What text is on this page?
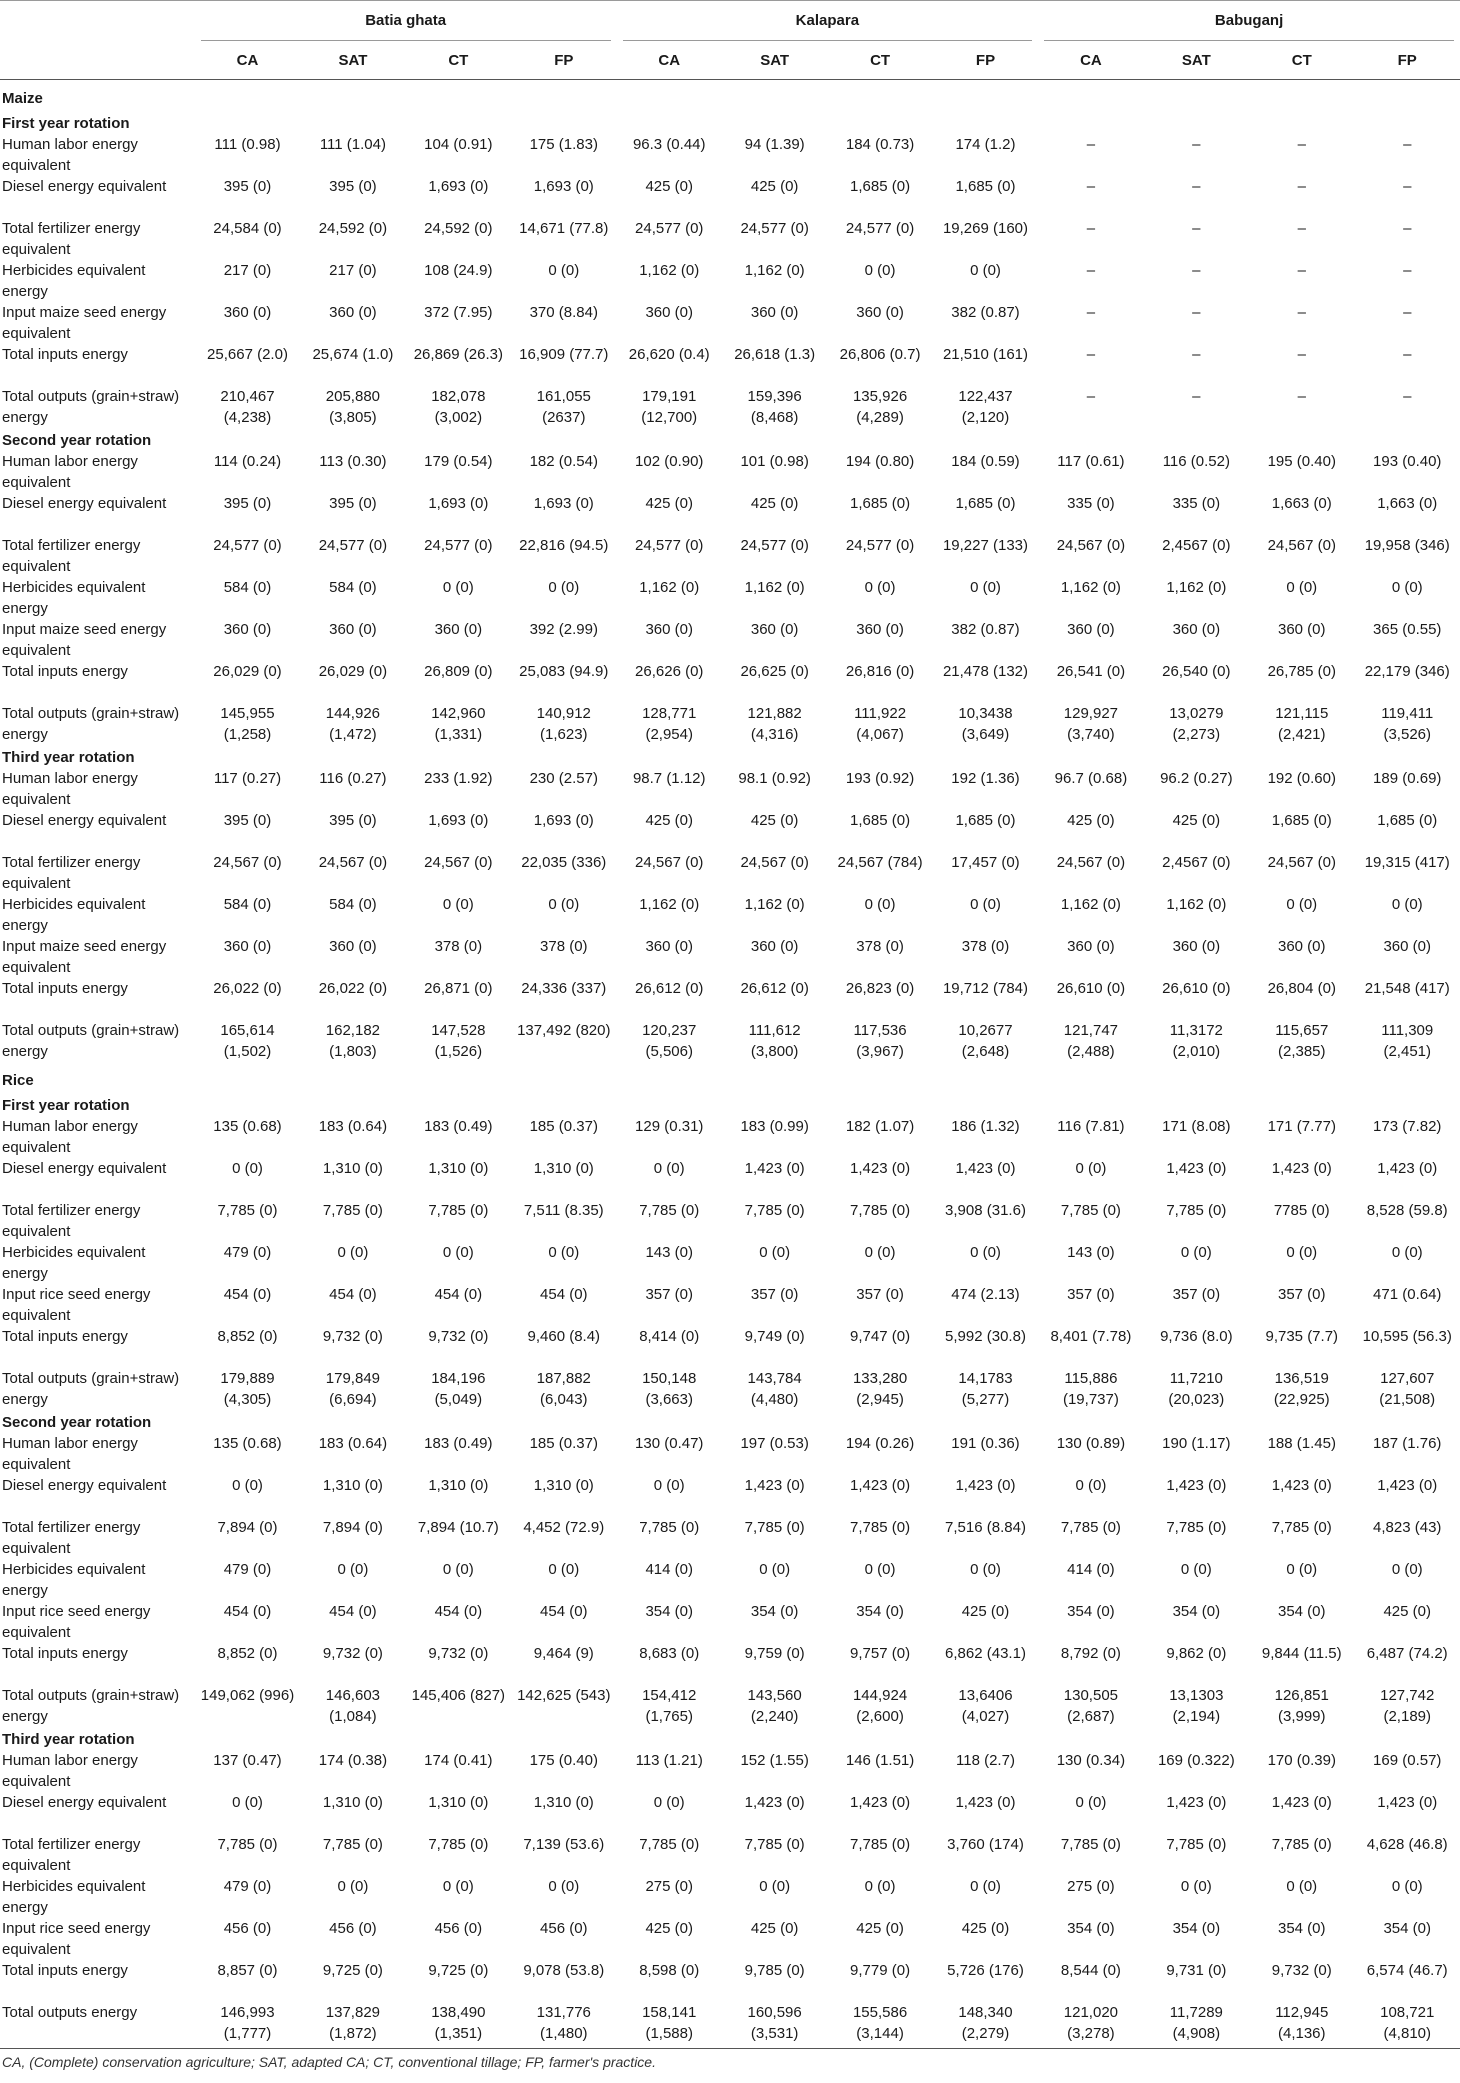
	Batia ghata				Kalapara				Babuganj			

	CA	SAT	CT	FP	CA	SAT	CT	FP	CA	SAT	CT	FP
Maize												
First year rotation												
Human labor energy equivalent	111 (0.98)	111 (1.04)	104 (0.91)	175 (1.83)	96.3 (0.44)	94 (1.39)	184 (0.73)	174 (1.2)	–	–	–	–
Diesel energy equivalent	395 (0)	395 (0)	1,693 (0)	1,693 (0)	425 (0)	425 (0)	1,685 (0)	1,685 (0)	–	–	–	–
Total fertilizer energy equivalent	24,584 (0)	24,592 (0)	24,592 (0)	14,671 (77.8)	24,577 (0)	24,577 (0)	24,577 (0)	19,269 (160)	–	–	–	–
Herbicides equivalent energy	217 (0)	217 (0)	108 (24.9)	0 (0)	1,162 (0)	1,162 (0)	0 (0)	0 (0)	–	–	–	–
Input maize seed energy equivalent	360 (0)	360 (0)	372 (7.95)	370 (8.84)	360 (0)	360 (0)	360 (0)	382 (0.87)	–	–	–	–
Total inputs energy	25,667 (2.0)	25,674 (1.0)	26,869 (26.3)	16,909 (77.7)	26,620 (0.4)	26,618 (1.3)	26,806 (0.7)	21,510 (161)	–	–	–	–
Total outputs (grain+straw) energy	210,467 (4,238)	205,880 (3,805)	182,078 (3,002)	161,055 (2637)	179,191 (12,700)	159,396 (8,468)	135,926 (4,289)	122,437 (2,120)	–	–	–	–
Second year rotation												
Human labor energy equivalent	114 (0.24)	113 (0.30)	179 (0.54)	182 (0.54)	102 (0.90)	101 (0.98)	194 (0.80)	184 (0.59)	117 (0.61)	116 (0.52)	195 (0.40)	193 (0.40)
Diesel energy equivalent	395 (0)	395 (0)	1,693 (0)	1,693 (0)	425 (0)	425 (0)	1,685 (0)	1,685 (0)	335 (0)	335 (0)	1,663 (0)	1,663 (0)
Total fertilizer energy equivalent	24,577 (0)	24,577 (0)	24,577 (0)	22,816 (94.5)	24,577 (0)	24,577 (0)	24,577 (0)	19,227 (133)	24,567 (0)	2,4567 (0)	24,567 (0)	19,958 (346)
Herbicides equivalent energy	584 (0)	584 (0)	0 (0)	0 (0)	1,162 (0)	1,162 (0)	0 (0)	0 (0)	1,162 (0)	1,162 (0)	0 (0)	0 (0)
Input maize seed energy equivalent	360 (0)	360 (0)	360 (0)	392 (2.99)	360 (0)	360 (0)	360 (0)	382 (0.87)	360 (0)	360 (0)	360 (0)	365 (0.55)
Total inputs energy	26,029 (0)	26,029 (0)	26,809 (0)	25,083 (94.9)	26,626 (0)	26,625 (0)	26,816 (0)	21,478 (132)	26,541 (0)	26,540 (0)	26,785 (0)	22,179 (346)
Total outputs (grain+straw) energy	145,955 (1,258)	144,926 (1,472)	142,960 (1,331)	140,912 (1,623)	128,771 (2,954)	121,882 (4,316)	111,922 (4,067)	10,3438 (3,649)	129,927 (3,740)	13,0279 (2,273)	121,115 (2,421)	119,411 (3,526)
Third year rotation												
Human labor energy equivalent	117 (0.27)	116 (0.27)	233 (1.92)	230 (2.57)	98.7 (1.12)	98.1 (0.92)	193 (0.92)	192 (1.36)	96.7 (0.68)	96.2 (0.27)	192 (0.60)	189 (0.69)
Diesel energy equivalent	395 (0)	395 (0)	1,693 (0)	1,693 (0)	425 (0)	425 (0)	1,685 (0)	1,685 (0)	425 (0)	425 (0)	1,685 (0)	1,685 (0)
Total fertilizer energy equivalent	24,567 (0)	24,567 (0)	24,567 (0)	22,035 (336)	24,567 (0)	24,567 (0)	24,567 (784)	17,457 (0)	24,567 (0)	2,4567 (0)	24,567 (0)	19,315 (417)
Herbicides equivalent energy	584 (0)	584 (0)	0 (0)	0 (0)	1,162 (0)	1,162 (0)	0 (0)	0 (0)	1,162 (0)	1,162 (0)	0 (0)	0 (0)
Input maize seed energy equivalent	360 (0)	360 (0)	378 (0)	378 (0)	360 (0)	360 (0)	378 (0)	378 (0)	360 (0)	360 (0)	360 (0)	360 (0)
Total inputs energy	26,022 (0)	26,022 (0)	26,871 (0)	24,336 (337)	26,612 (0)	26,612 (0)	26,823 (0)	19,712 (784)	26,610 (0)	26,610 (0)	26,804 (0)	21,548 (417)
Total outputs (grain+straw) energy	165,614 (1,502)	162,182 (1,803)	147,528 (1,526)	137,492 (820)	120,237 (5,506)	111,612 (3,800)	117,536 (3,967)	10,2677 (2,648)	121,747 (2,488)	11,3172 (2,010)	115,657 (2,385)	111,309 (2,451)
Rice												
First year rotation												
Human labor energy equivalent	135 (0.68)	183 (0.64)	183 (0.49)	185 (0.37)	129 (0.31)	183 (0.99)	182 (1.07)	186 (1.32)	116 (7.81)	171 (8.08)	171 (7.77)	173 (7.82)
Diesel energy equivalent	0 (0)	1,310 (0)	1,310 (0)	1,310 (0)	0 (0)	1,423 (0)	1,423 (0)	1,423 (0)	0 (0)	1,423 (0)	1,423 (0)	1,423 (0)
Total fertilizer energy equivalent	7,785 (0)	7,785 (0)	7,785 (0)	7,511 (8.35)	7,785 (0)	7,785 (0)	7,785 (0)	3,908 (31.6)	7,785 (0)	7,785 (0)	7785 (0)	8,528 (59.8)
Herbicides equivalent energy	479 (0)	0 (0)	0 (0)	0 (0)	143 (0)	0 (0)	0 (0)	0 (0)	143 (0)	0 (0)	0 (0)	0 (0)
Input rice seed energy equivalent	454 (0)	454 (0)	454 (0)	454 (0)	357 (0)	357 (0)	357 (0)	474 (2.13)	357 (0)	357 (0)	357 (0)	471 (0.64)
Total inputs energy	8,852 (0)	9,732 (0)	9,732 (0)	9,460 (8.4)	8,414 (0)	9,749 (0)	9,747 (0)	5,992 (30.8)	8,401 (7.78)	9,736 (8.0)	9,735 (7.7)	10,595 (56.3)
Total outputs (grain+straw) energy	179,889 (4,305)	179,849 (6,694)	184,196 (5,049)	187,882 (6,043)	150,148 (3,663)	143,784 (4,480)	133,280 (2,945)	14,1783 (5,277)	115,886 (19,737)	11,7210 (20,023)	136,519 (22,925)	127,607 (21,508)
Second year rotation												
Human labor energy equivalent	135 (0.68)	183 (0.64)	183 (0.49)	185 (0.37)	130 (0.47)	197 (0.53)	194 (0.26)	191 (0.36)	130 (0.89)	190 (1.17)	188 (1.45)	187 (1.76)
Diesel energy equivalent	0 (0)	1,310 (0)	1,310 (0)	1,310 (0)	0 (0)	1,423 (0)	1,423 (0)	1,423 (0)	0 (0)	1,423 (0)	1,423 (0)	1,423 (0)
Total fertilizer energy equivalent	7,894 (0)	7,894 (0)	7,894 (10.7)	4,452 (72.9)	7,785 (0)	7,785 (0)	7,785 (0)	7,516 (8.84)	7,785 (0)	7,785 (0)	7,785 (0)	4,823 (43)
Herbicides equivalent energy	479 (0)	0 (0)	0 (0)	0 (0)	414 (0)	0 (0)	0 (0)	0 (0)	414 (0)	0 (0)	0 (0)	0 (0)
Input rice seed energy equivalent	454 (0)	454 (0)	454 (0)	454 (0)	354 (0)	354 (0)	354 (0)	425 (0)	354 (0)	354 (0)	354 (0)	425 (0)
Total inputs energy	8,852 (0)	9,732 (0)	9,732 (0)	9,464 (9)	8,683 (0)	9,759 (0)	9,757 (0)	6,862 (43.1)	8,792 (0)	9,862 (0)	9,844 (11.5)	6,487 (74.2)
Total outputs (grain+straw) energy	149,062 (996)	146,603 (1,084)	145,406 (827)	142,625 (543)	154,412 (1,765)	143,560 (2,240)	144,924 (2,600)	13,6406 (4,027)	130,505 (2,687)	13,1303 (2,194)	126,851 (3,999)	127,742 (2,189)
Third year rotation												
Human labor energy equivalent	137 (0.47)	174 (0.38)	174 (0.41)	175 (0.40)	113 (1.21)	152 (1.55)	146 (1.51)	118 (2.7)	130 (0.34)	169 (0.322)	170 (0.39)	169 (0.57)
Diesel energy equivalent	0 (0)	1,310 (0)	1,310 (0)	1,310 (0)	0 (0)	1,423 (0)	1,423 (0)	1,423 (0)	0 (0)	1,423 (0)	1,423 (0)	1,423 (0)
Total fertilizer energy equivalent	7,785 (0)	7,785 (0)	7,785 (0)	7,139 (53.6)	7,785 (0)	7,785 (0)	7,785 (0)	3,760 (174)	7,785 (0)	7,785 (0)	7,785 (0)	4,628 (46.8)
Herbicides equivalent energy	479 (0)	0 (0)	0 (0)	0 (0)	275 (0)	0 (0)	0 (0)	0 (0)	275 (0)	0 (0)	0 (0)	0 (0)
Input rice seed energy equivalent	456 (0)	456 (0)	456 (0)	456 (0)	425 (0)	425 (0)	425 (0)	425 (0)	354 (0)	354 (0)	354 (0)	354 (0)
Total inputs energy	8,857 (0)	9,725 (0)	9,725 (0)	9,078 (53.8)	8,598 (0)	9,785 (0)	9,779 (0)	5,726 (176)	8,544 (0)	9,731 (0)	9,732 (0)	6,574 (46.7)
Total outputs energy	146,993 (1,777)	137,829 (1,872)	138,490 (1,351)	131,776 (1,480)	158,141 (1,588)	160,596 (3,531)	155,586 (3,144)	148,340 (2,279)	121,020 (3,278)	11,7289 (4,908)	112,945 (4,136)	108,721 (4,810)
CA, (Complete) conservation agriculture; SAT, adapted CA; CT, conventional tillage; FP, farmer's practice.
